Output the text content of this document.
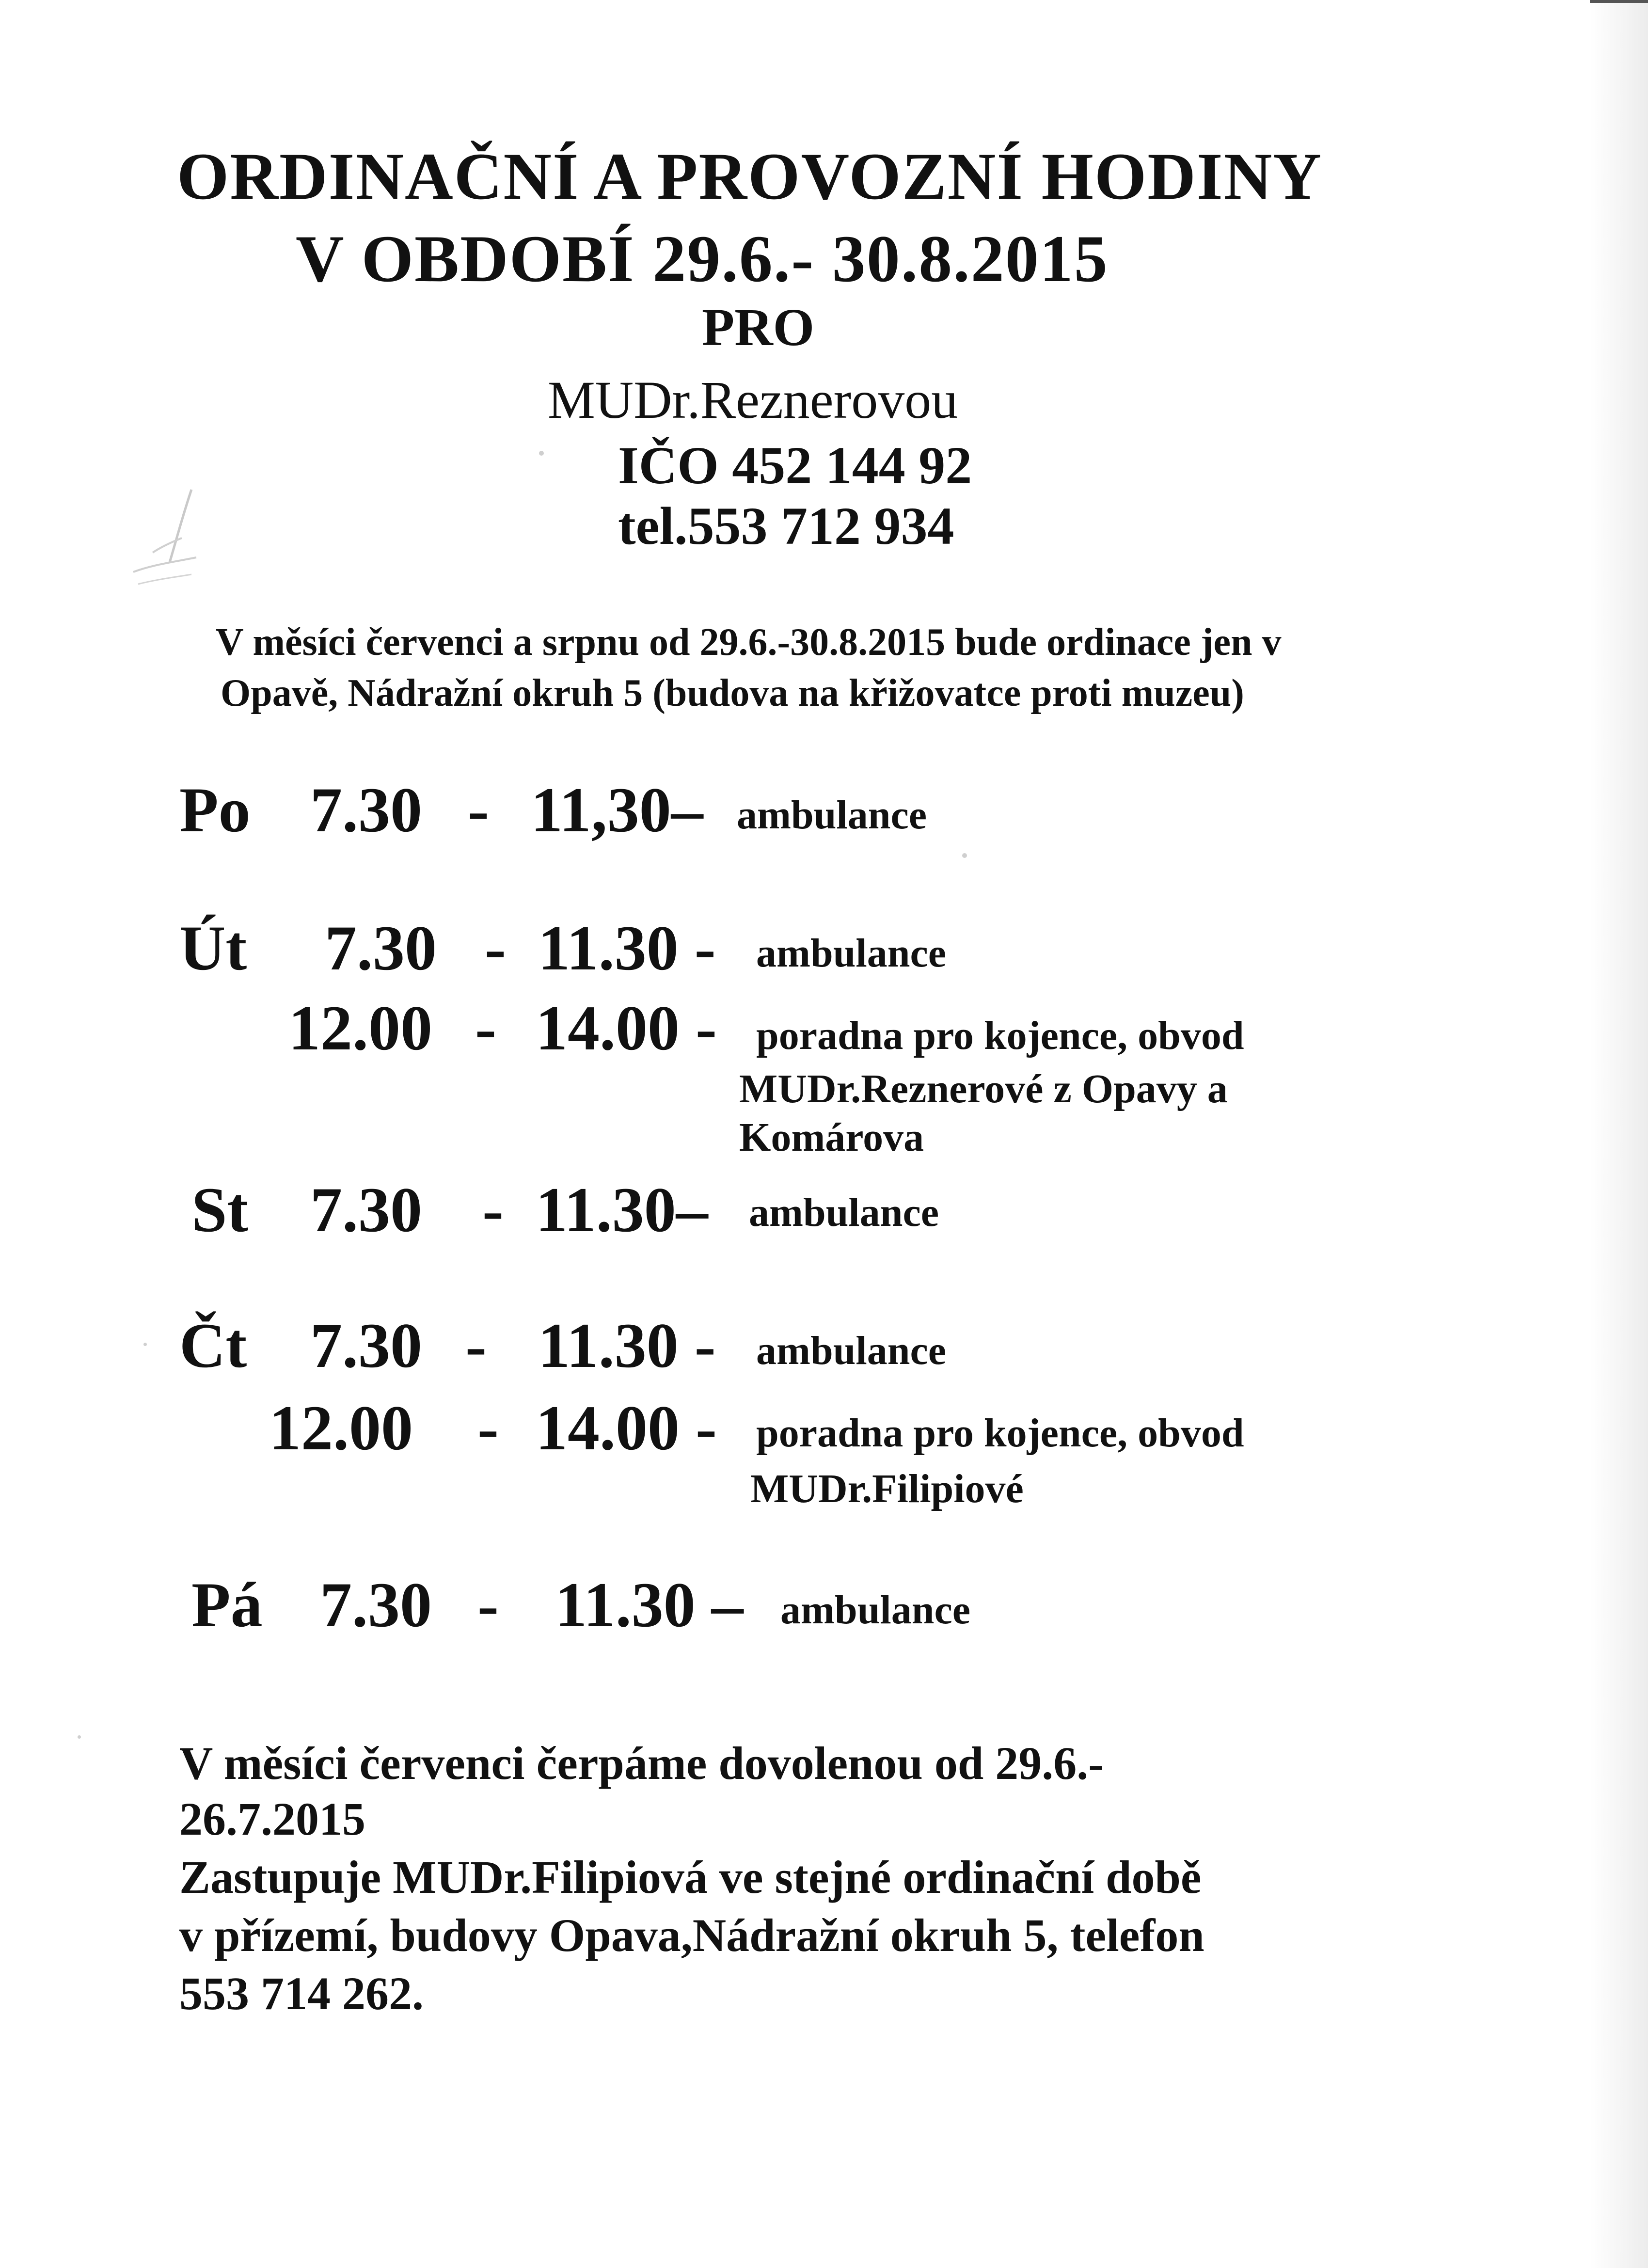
ORDINAČNÍ A PROVOZNÍ HODINY
V OBDOBÍ 29.6.- 30.8.2015
PRO
MUDr.Reznerovou
IČO 452 144 92
tel.553 712 934
V měsíci červenci a srpnu od 29.6.-30.8.2015 bude ordinace jen v
Opavě, Nádražní okruh 5 (budova na křižovatce proti muzeu)
Po 7.30 - 11,30– ambulance
Út 7.30 - 11.30 - ambulance
12.00 - 14.00 - poradna pro kojence, obvod
MUDr.Reznerové z Opavy a
Komárova
St 7.30 - 11.30– ambulance
Čt 7.30 - 11.30 - ambulance
12.00 - 14.00 - poradna pro kojence, obvod
MUDr.Filipiové
Pá 7.30 - 11.30 – ambulance
V měsíci červenci čerpáme dovolenou od 29.6.-
26.7.2015
Zastupuje MUDr.Filipiová ve stejné ordinační době
v přízemí, budovy Opava,Nádražní okruh 5, telefon
553 714 262.
